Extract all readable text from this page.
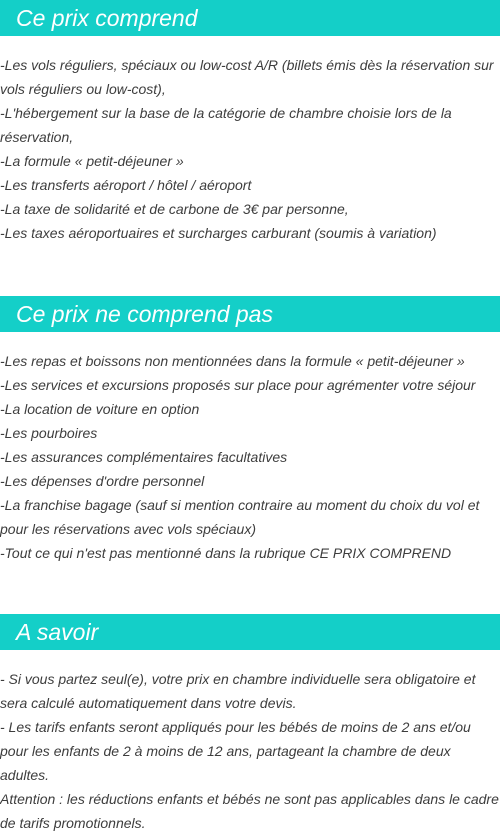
Ce prix comprend
-Les vols réguliers, spéciaux ou low-cost A/R (billets émis dès la réservation sur vols réguliers ou low-cost),
-L'hébergement sur la base de la catégorie de chambre choisie lors de la réservation,
-La formule « petit-déjeuner »
-Les transferts aéroport / hôtel / aéroport
-La taxe de solidarité et de carbone de 3€ par personne,
-Les taxes aéroportuaires et surcharges carburant (soumis à variation)
Ce prix ne comprend pas
-Les repas et boissons non mentionnées dans la formule « petit-déjeuner »
-Les services et excursions proposés sur place pour agrémenter votre séjour
-La location de voiture en option
-Les pourboires
-Les assurances complémentaires facultatives
-Les dépenses d'ordre personnel
-La franchise bagage (sauf si mention contraire au moment du choix du vol et pour les réservations avec vols spéciaux)
-Tout ce qui n'est pas mentionné dans la rubrique CE PRIX COMPREND
A savoir
- Si vous partez seul(e), votre prix en chambre individuelle sera obligatoire et sera calculé automatiquement dans votre devis.
- Les tarifs enfants seront appliqués pour les bébés de moins de 2 ans et/ou pour les enfants de 2 à moins de 12 ans, partageant la chambre de deux adultes.
Attention : les réductions enfants et bébés ne sont pas applicables dans le cadre de tarifs promotionnels.
